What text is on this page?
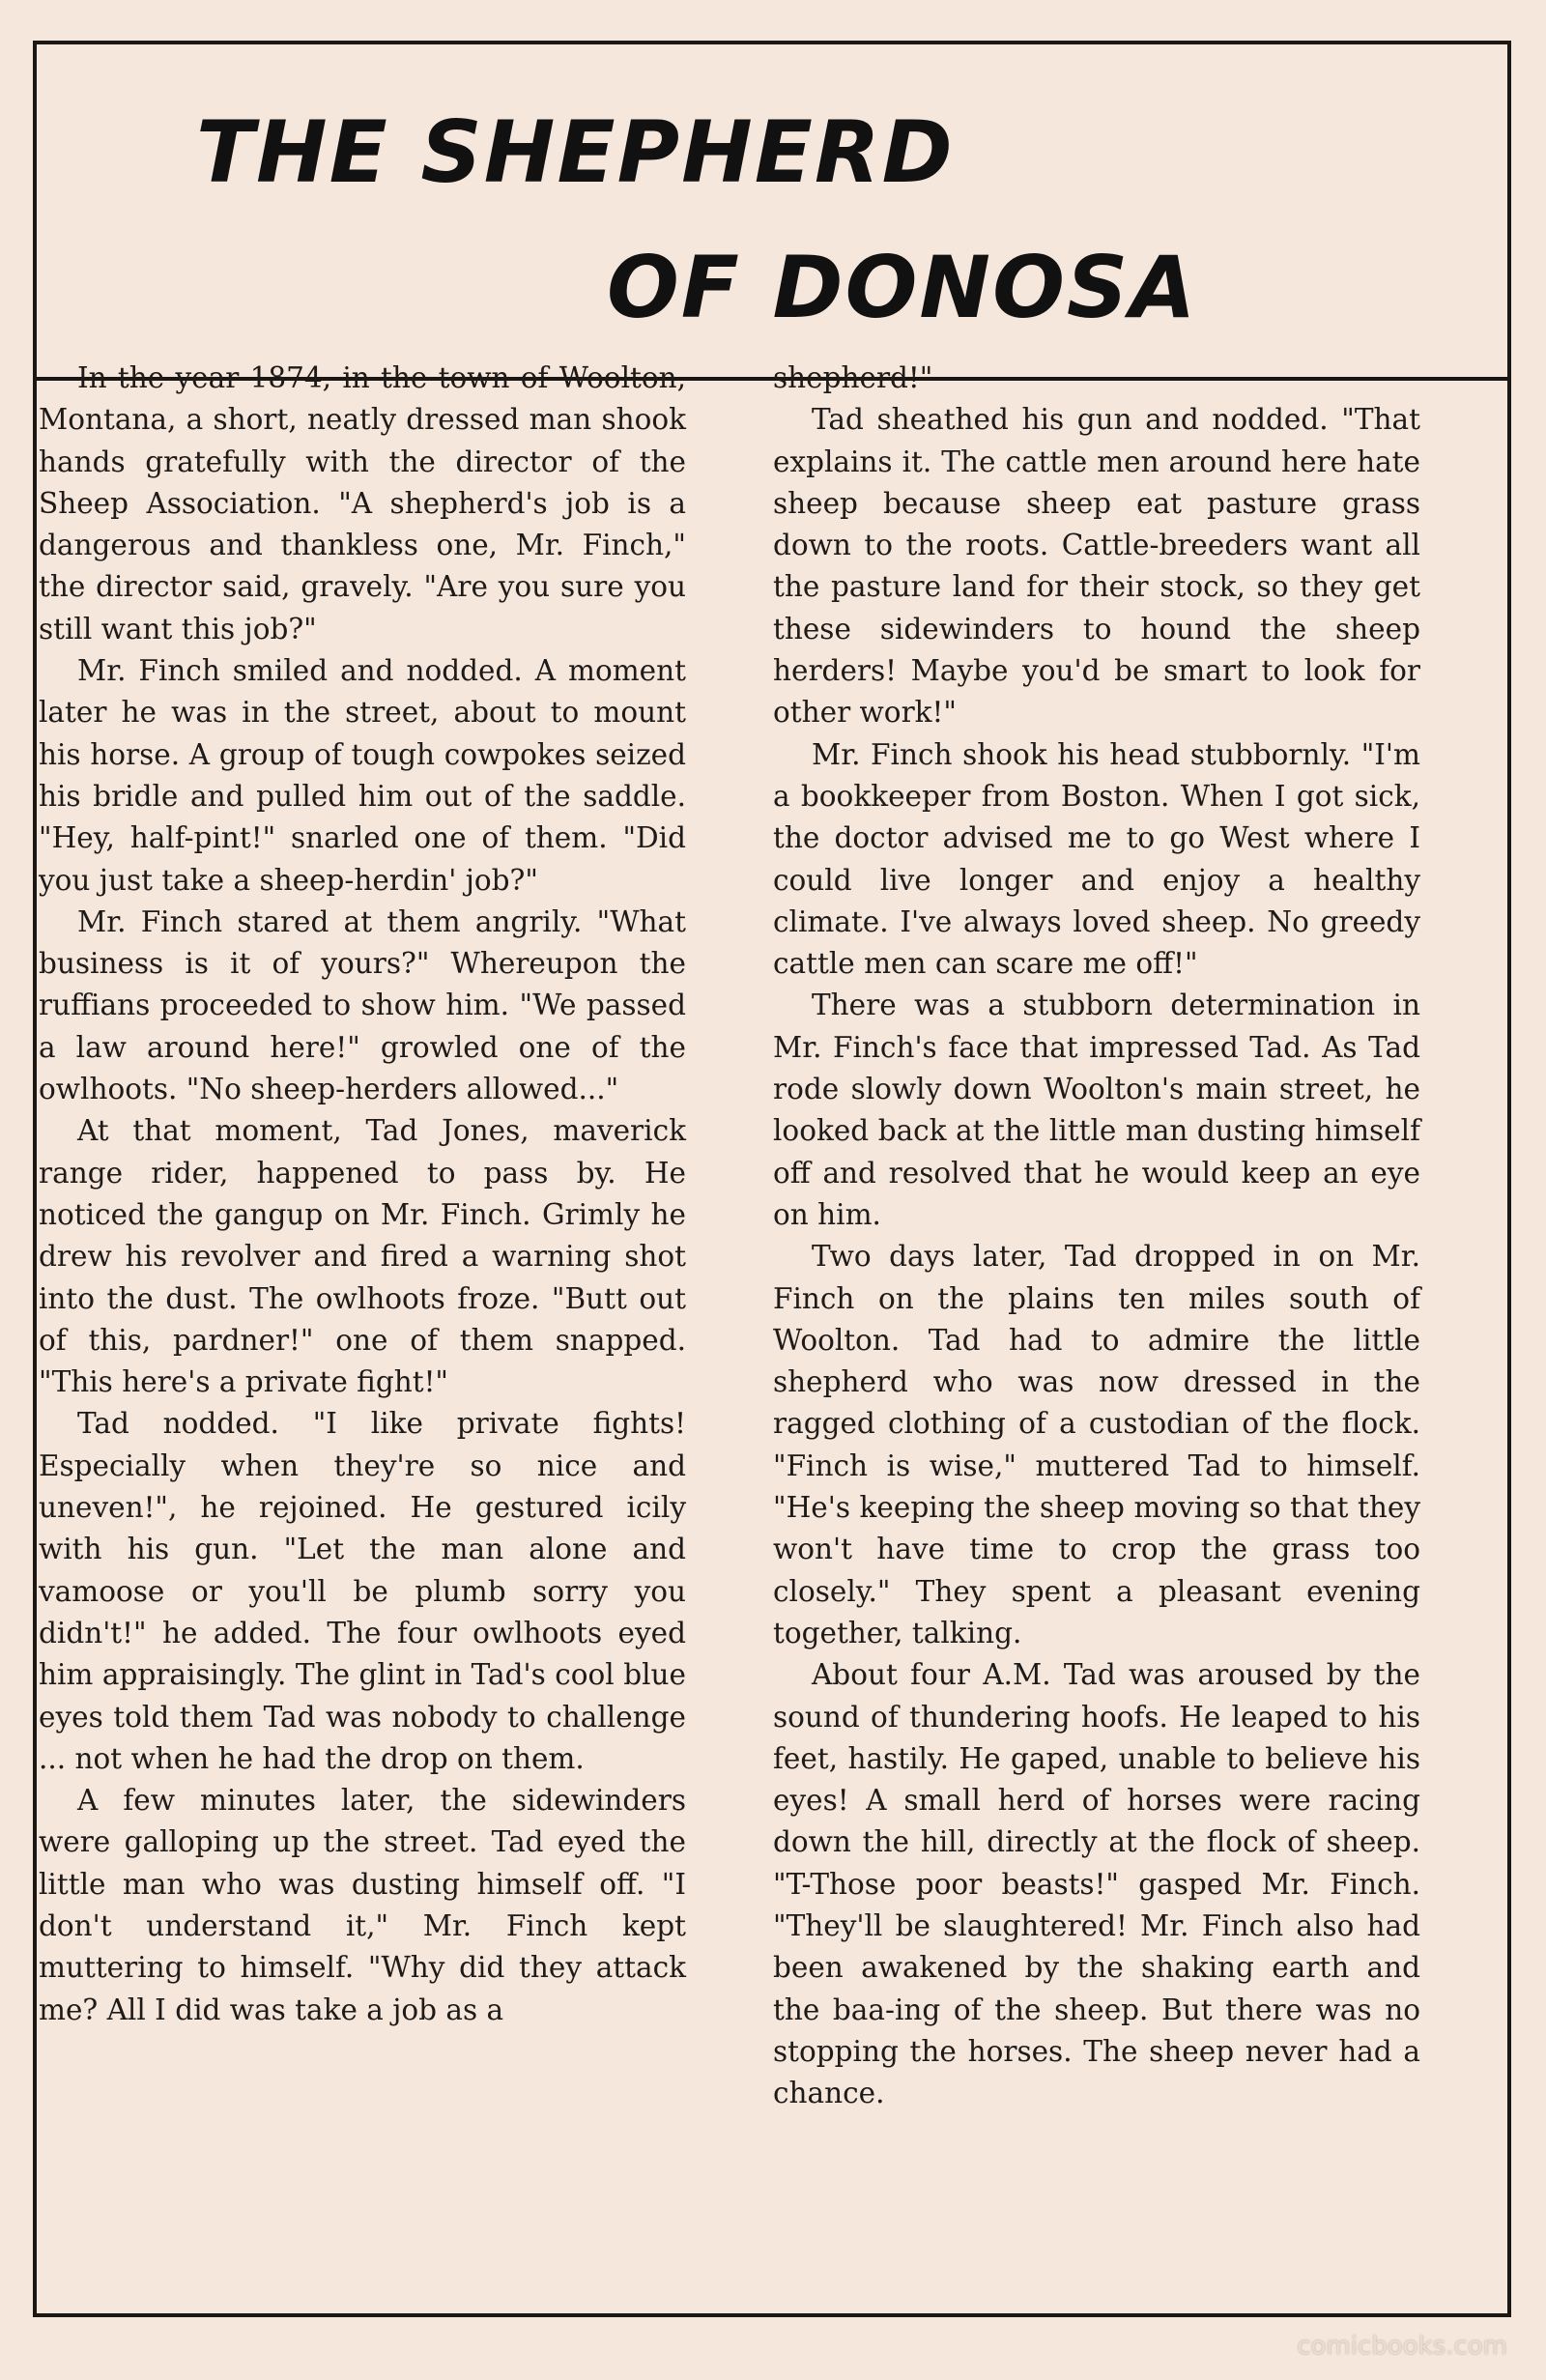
THE SHEPHERD
OF DONOSA

In the year 1874, in the town of Woolton, Montana, a short, neatly dressed man shook hands gratefully with the director of the Sheep Association. "A shepherd's job is a dangerous and thankless one, Mr. Finch," the director said, gravely. "Are you sure you still want this job?"

Mr. Finch smiled and nodded. A moment later he was in the street, about to mount his horse. A group of tough cowpokes seized his bridle and pulled him out of the saddle. "Hey, half-pint!" snarled one of them. "Did you just take a sheep-herdin' job?"

Mr. Finch stared at them angrily. "What business is it of yours?" Whereupon the ruffians proceeded to show him. "We passed a law around here!" growled one of the owlhoots. "No sheep-herders allowed..."

At that moment, Tad Jones, maverick range rider, happened to pass by. He noticed the gangup on Mr. Finch. Grimly he drew his revolver and fired a warning shot into the dust. The owlhoots froze. "Butt out of this, pardner!" one of them snapped. "This here's a private fight!"

Tad nodded. "I like private fights! Especially when they're so nice and uneven!", he rejoined. He gestured icily with his gun. "Let the man alone and vamoose or you'll be plumb sorry you didn't!" he added. The four owlhoots eyed him appraisingly. The glint in Tad's cool blue eyes told them Tad was nobody to challenge ... not when he had the drop on them.

A few minutes later, the sidewinders were galloping up the street. Tad eyed the little man who was dusting himself off. "I don't understand it," Mr. Finch kept muttering to himself. "Why did they attack me? All I did was take a job as a

shepherd!"

Tad sheathed his gun and nodded. "That explains it. The cattle men around here hate sheep because sheep eat pasture grass down to the roots. Cattle-breeders want all the pasture land for their stock, so they get these sidewinders to hound the sheep herders! Maybe you'd be smart to look for other work!"

Mr. Finch shook his head stubbornly. "I'm a bookkeeper from Boston. When I got sick, the doctor advised me to go West where I could live longer and enjoy a healthy climate. I've always loved sheep. No greedy cattle men can scare me off!"

There was a stubborn determination in Mr. Finch's face that impressed Tad. As Tad rode slowly down Woolton's main street, he looked back at the little man dusting himself off and resolved that he would keep an eye on him.

Two days later, Tad dropped in on Mr. Finch on the plains ten miles south of Woolton. Tad had to admire the little shepherd who was now dressed in the ragged clothing of a custodian of the flock. "Finch is wise," muttered Tad to himself. "He's keeping the sheep moving so that they won't have time to crop the grass too closely." They spent a pleasant evening together, talking.

About four A.M. Tad was aroused by the sound of thundering hoofs. He leaped to his feet, hastily. He gaped, unable to believe his eyes! A small herd of horses were racing down the hill, directly at the flock of sheep. "T-Those poor beasts!" gasped Mr. Finch. "They'll be slaughtered! Mr. Finch also had been awakened by the shaking earth and the baa-ing of the sheep. But there was no stopping the horses. The sheep never had a chance.

comicbooks.com
